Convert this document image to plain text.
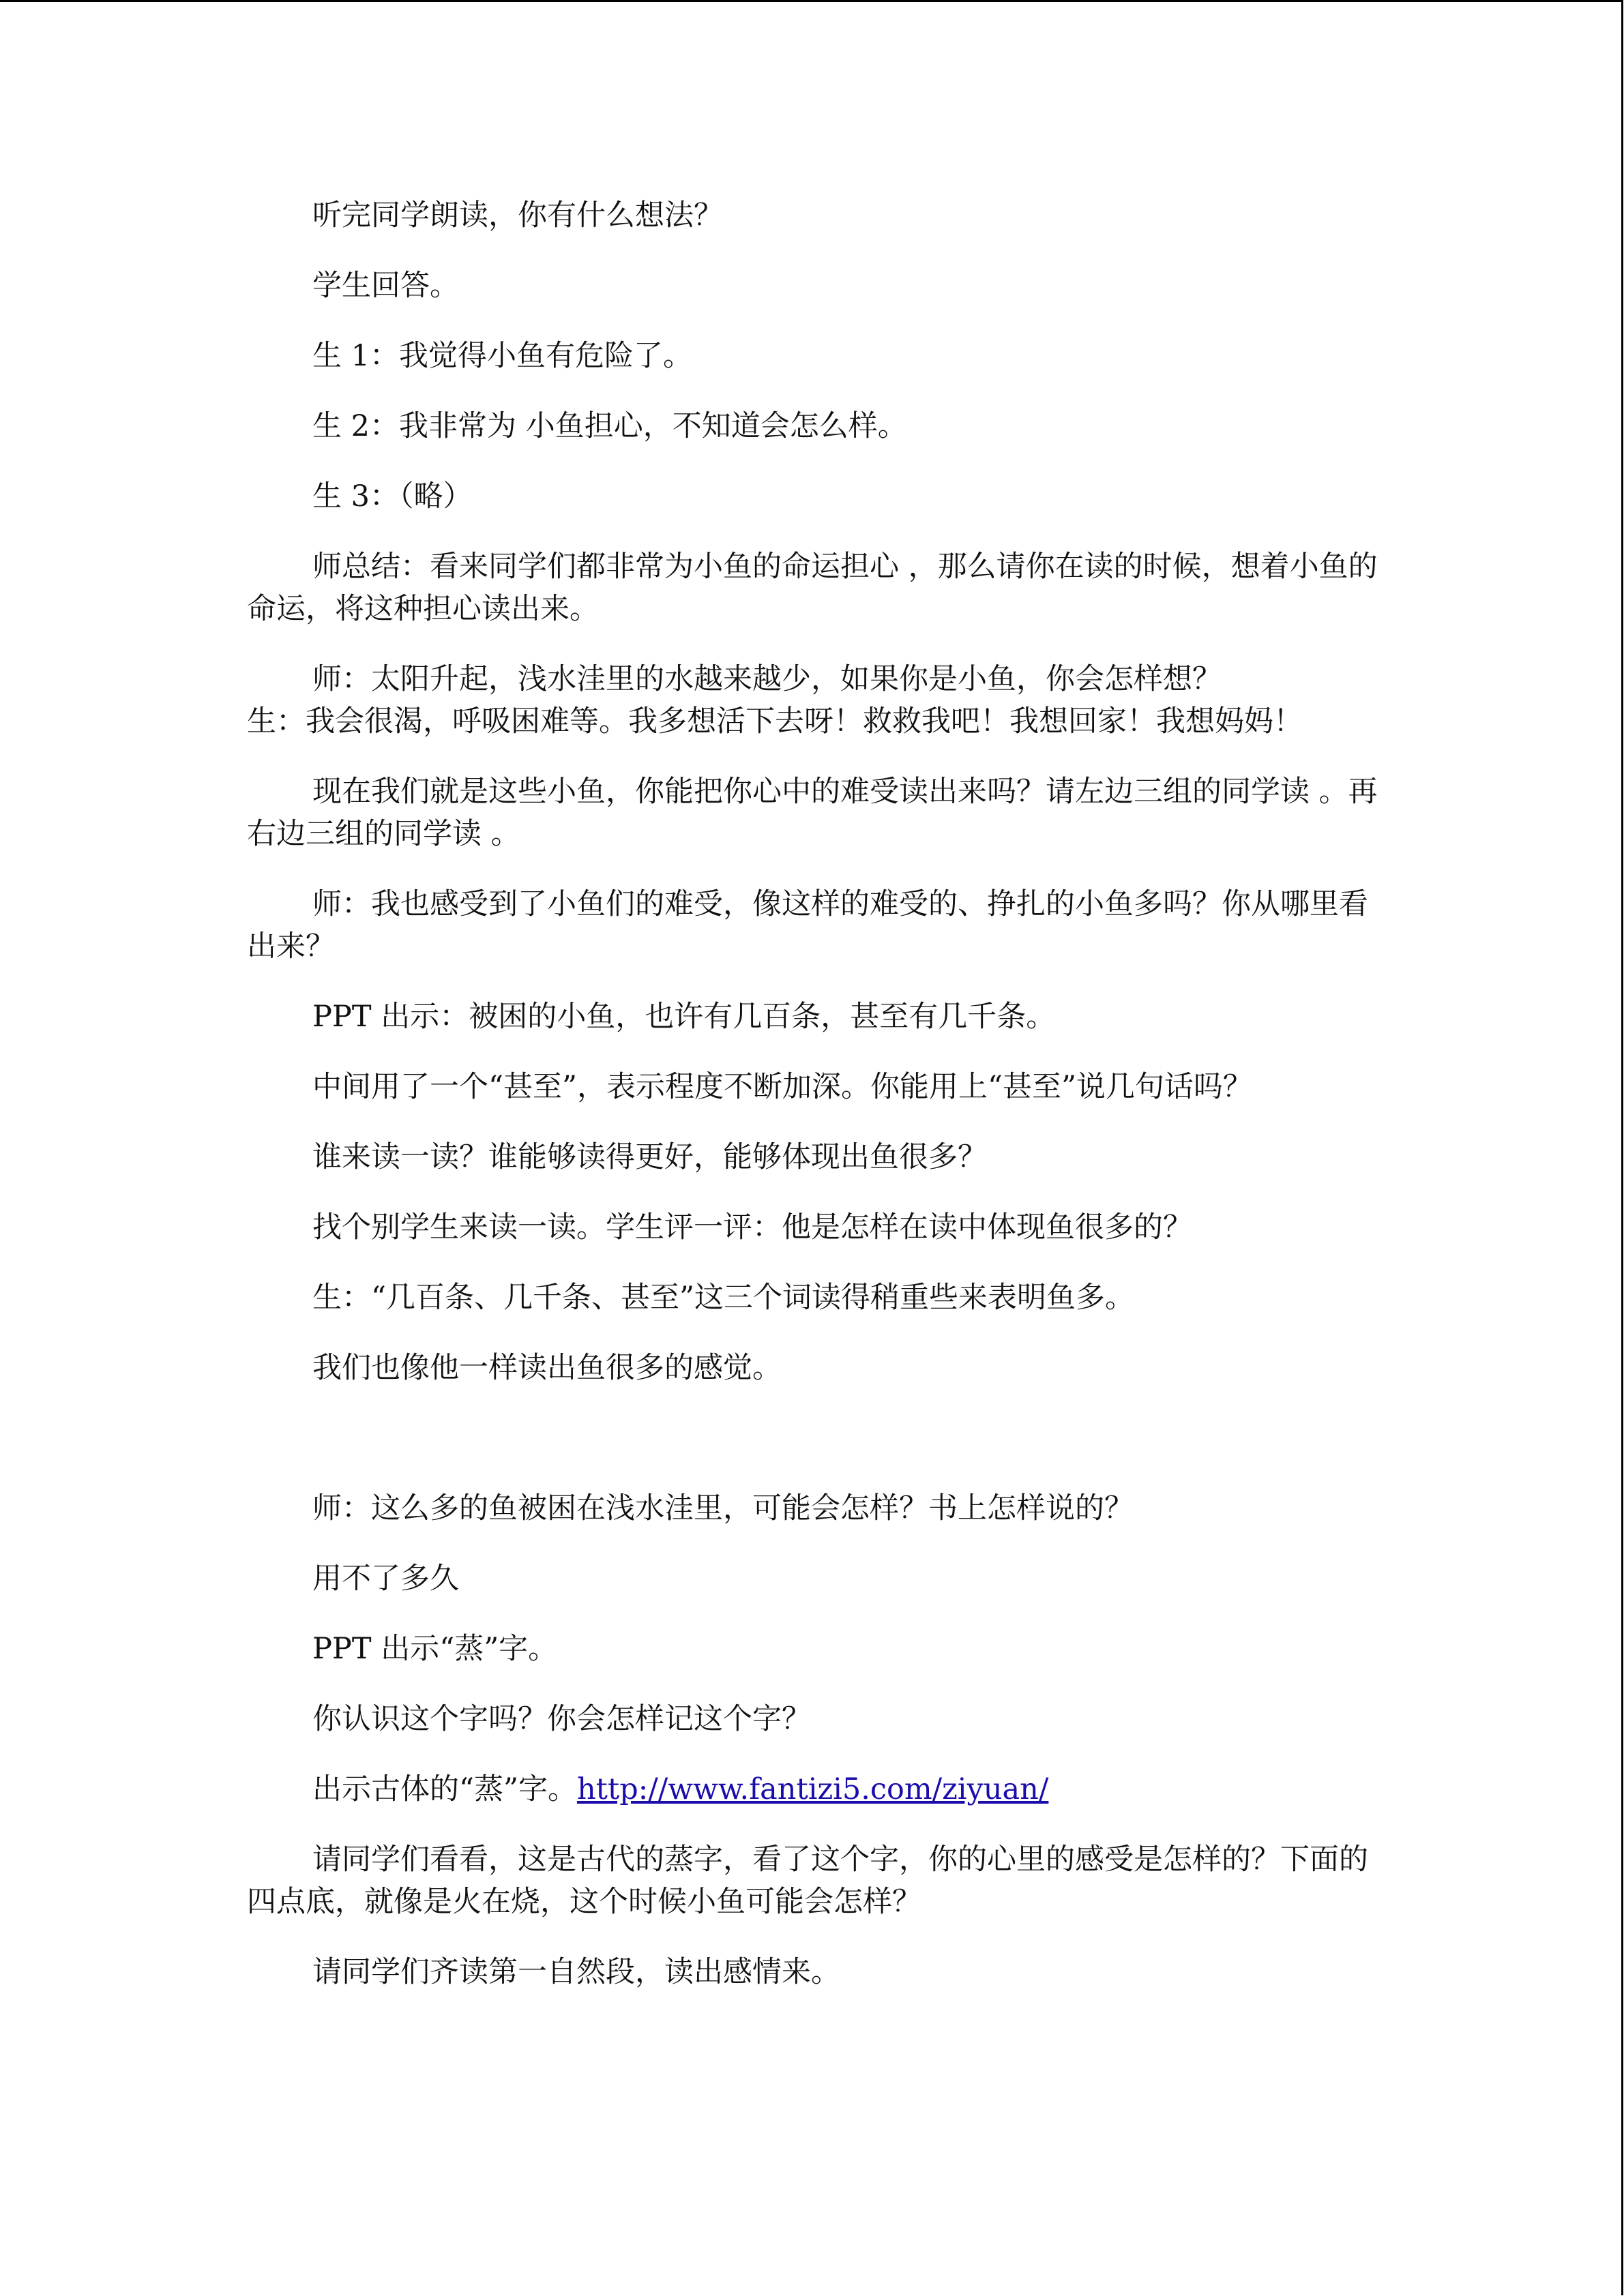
听完同学朗读，你有什么想法？

学生回答。

生 1：我觉得小鱼有危险了。

生 2：我非常为 小鱼担心，不知道会怎么样。

生 3：（略）

师总结：看来同学们都非常为小鱼的命运担心 ，那么请你在读的时候，想着小鱼的命运，将这种担心读出来。

师：太阳升起，浅水洼里的水越来越少，如果你是小鱼，你会怎样想？

生：我会很渴，呼吸困难等。我多想活下去呀！救救我吧！我想回家！我想妈妈！

现在我们就是这些小鱼，你能把你心中的难受读出来吗？请左边三组的同学读 。再右边三组的同学读 。

师：我也感受到了小鱼们的难受，像这样的难受的、挣扎的小鱼多吗？你从哪里看出来？

PPT 出示：被困的小鱼，也许有几百条，甚至有几千条。

中间用了一个“甚至”，表示程度不断加深。你能用上“甚至”说几句话吗？

谁来读一读？谁能够读得更好，能够体现出鱼很多？

找个别学生来读一读。学生评一评：他是怎样在读中体现鱼很多的？

生：“几百条、几千条、甚至”这三个词读得稍重些来表明鱼多。

我们也像他一样读出鱼很多的感觉。

师：这么多的鱼被困在浅水洼里，可能会怎样？书上怎样说的？

用不了多久

PPT 出示“蒸”字。

你认识这个字吗？你会怎样记这个字？

出示古体的“蒸”字。http://www.fantizi5.com/ziyuan/

请同学们看看，这是古代的蒸字，看了这个字，你的心里的感受是怎样的？下面的四点底，就像是火在烧，这个时候小鱼可能会怎样？

请同学们齐读第一自然段，读出感情来。
